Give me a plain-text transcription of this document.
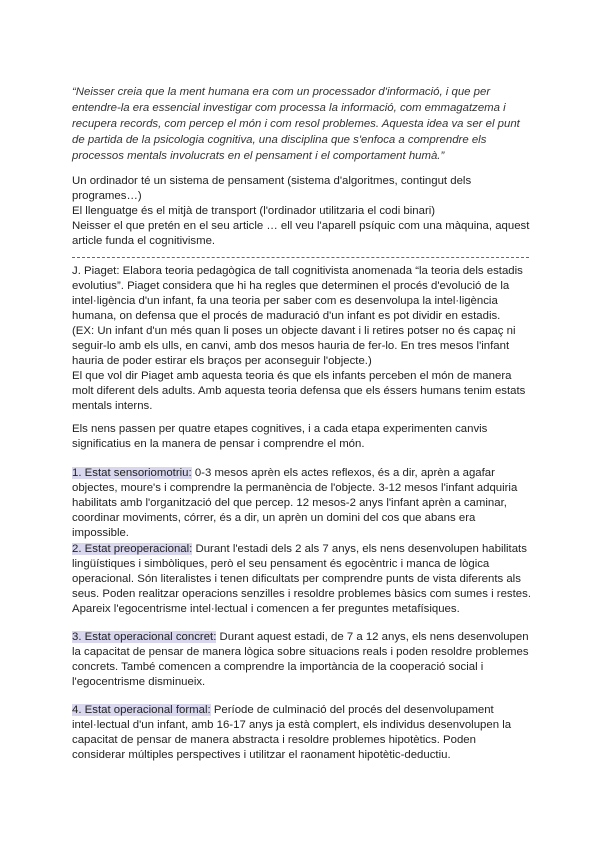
“Neisser creia que la ment humana era com un processador d'informació, i que per entendre-la era essencial investigar com processa la informació, com emmagatzema i recupera records, com percep el món i com resol problemes. Aquesta idea va ser el punt de partida de la psicologia cognitiva, una disciplina que s'enfoca a comprendre els processos mentals involucrats en el pensament i el comportament humà.”

Un ordinador té un sistema de pensament (sistema d'algoritmes, contingut dels programes…)
El llenguatge és el mitjà de transport (l'ordinador utilitzaria el codi binari)
Neisser el que pretén en el seu article … ell veu l'aparell psíquic com una màquina, aquest article funda el cognitivisme.
J. Piaget: Elabora teoria pedagògica de tall cognitivista anomenada “la teoria dels estadis evolutius”. Piaget considera que hi ha regles que determinen el procés d'evolució de la intel·ligència d'un infant, fa una teoria per saber com es desenvolupa la intel·ligència humana, on defensa que el procés de maduració d'un infant es pot dividir en estadis.
(EX: Un infant d'un més quan li poses un objecte davant i li retires potser no és capaç ni seguir-lo amb els ulls, en canvi, amb dos mesos hauria de fer-lo. En tres mesos l'infant hauria de poder estirar els braços per aconseguir l'objecte.)
El que vol dir Piaget amb aquesta teoria és que els infants perceben el món de manera molt diferent dels adults. Amb aquesta teoria defensa que els éssers humans tenim estats mentals interns.

Els nens passen per quatre etapes cognitives, i a cada etapa experimenten canvis significatius en la manera de pensar i comprendre el món.

1. Estat sensoriomotriu: 0-3 mesos aprèn els actes reflexos, és a dir, aprèn a agafar objectes, moure's i comprendre la permanència de l'objecte. 3-12 mesos l'infant adquiria habilitats amb l'organització del que percep. 12 mesos-2 anys l'infant aprèn a caminar, coordinar moviments, córrer, és a dir, un aprèn un domini del cos que abans era impossible.

2. Estat preoperacional: Durant l'estadi dels 2 als 7 anys, els nens desenvolupen habilitats lingüístiques i simbòliques, però el seu pensament és egocèntric i manca de lògica operacional. Són literalistes i tenen dificultats per comprendre punts de vista diferents als seus. Poden realitzar operacions senzilles i resoldre problemes bàsics com sumes i restes. Apareix l'egocentrisme intel·lectual i comencen a fer preguntes metafísiques.

3. Estat operacional concret: Durant aquest estadi, de 7 a 12 anys, els nens desenvolupen la capacitat de pensar de manera lògica sobre situacions reals i poden resoldre problemes concrets. També comencen a comprendre la importància de la cooperació social i l'egocentrisme disminueix.

4. Estat operacional formal: Període de culminació del procés del desenvolupament intel·lectual d'un infant, amb 16-17 anys ja està complert, els individus desenvolupen la capacitat de pensar de manera abstracta i resoldre problemes hipotètics. Poden considerar múltiples perspectives i utilitzar el raonament hipotètic-deductiu.
